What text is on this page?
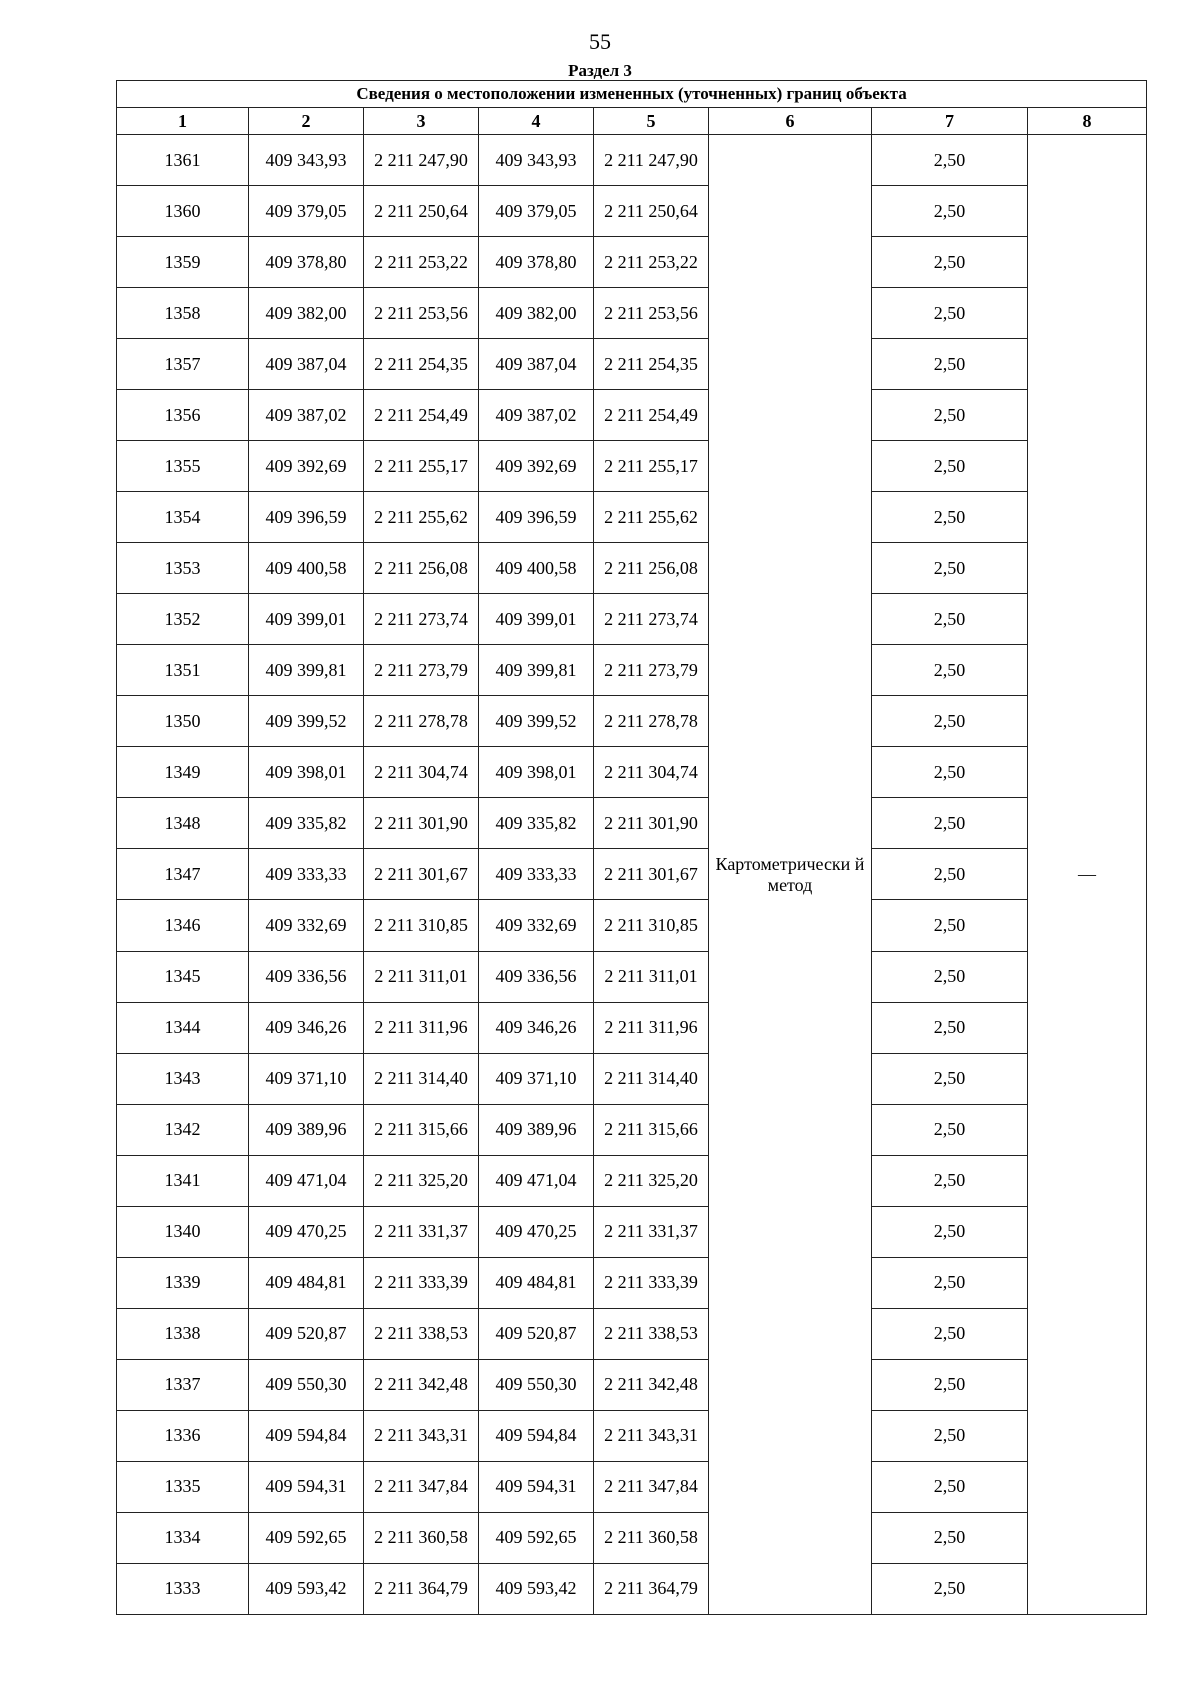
55
Раздел 3
Сведения о местоположении измененных (уточненных) границ объекта							
1	2	3	4	5	6	7	8
1361	409 343,93	2 211 247,90	409 343,93	2 211 247,90	Картометрически й метод	2,50	—
1360	409 379,05	2 211 250,64	409 379,05	2 211 250,64		2,50	
1359	409 378,80	2 211 253,22	409 378,80	2 211 253,22		2,50	
1358	409 382,00	2 211 253,56	409 382,00	2 211 253,56		2,50	
1357	409 387,04	2 211 254,35	409 387,04	2 211 254,35		2,50	
1356	409 387,02	2 211 254,49	409 387,02	2 211 254,49		2,50	
1355	409 392,69	2 211 255,17	409 392,69	2 211 255,17		2,50	
1354	409 396,59	2 211 255,62	409 396,59	2 211 255,62		2,50	
1353	409 400,58	2 211 256,08	409 400,58	2 211 256,08		2,50	
1352	409 399,01	2 211 273,74	409 399,01	2 211 273,74		2,50	
1351	409 399,81	2 211 273,79	409 399,81	2 211 273,79		2,50	
1350	409 399,52	2 211 278,78	409 399,52	2 211 278,78		2,50	
1349	409 398,01	2 211 304,74	409 398,01	2 211 304,74		2,50	
1348	409 335,82	2 211 301,90	409 335,82	2 211 301,90		2,50	
1347	409 333,33	2 211 301,67	409 333,33	2 211 301,67		2,50	
1346	409 332,69	2 211 310,85	409 332,69	2 211 310,85		2,50	
1345	409 336,56	2 211 311,01	409 336,56	2 211 311,01		2,50	
1344	409 346,26	2 211 311,96	409 346,26	2 211 311,96		2,50	
1343	409 371,10	2 211 314,40	409 371,10	2 211 314,40		2,50	
1342	409 389,96	2 211 315,66	409 389,96	2 211 315,66		2,50	
1341	409 471,04	2 211 325,20	409 471,04	2 211 325,20		2,50	
1340	409 470,25	2 211 331,37	409 470,25	2 211 331,37		2,50	
1339	409 484,81	2 211 333,39	409 484,81	2 211 333,39		2,50	
1338	409 520,87	2 211 338,53	409 520,87	2 211 338,53		2,50	
1337	409 550,30	2 211 342,48	409 550,30	2 211 342,48		2,50	
1336	409 594,84	2 211 343,31	409 594,84	2 211 343,31		2,50	
1335	409 594,31	2 211 347,84	409 594,31	2 211 347,84		2,50	
1334	409 592,65	2 211 360,58	409 592,65	2 211 360,58		2,50	
1333	409 593,42	2 211 364,79	409 593,42	2 211 364,79		2,50	
